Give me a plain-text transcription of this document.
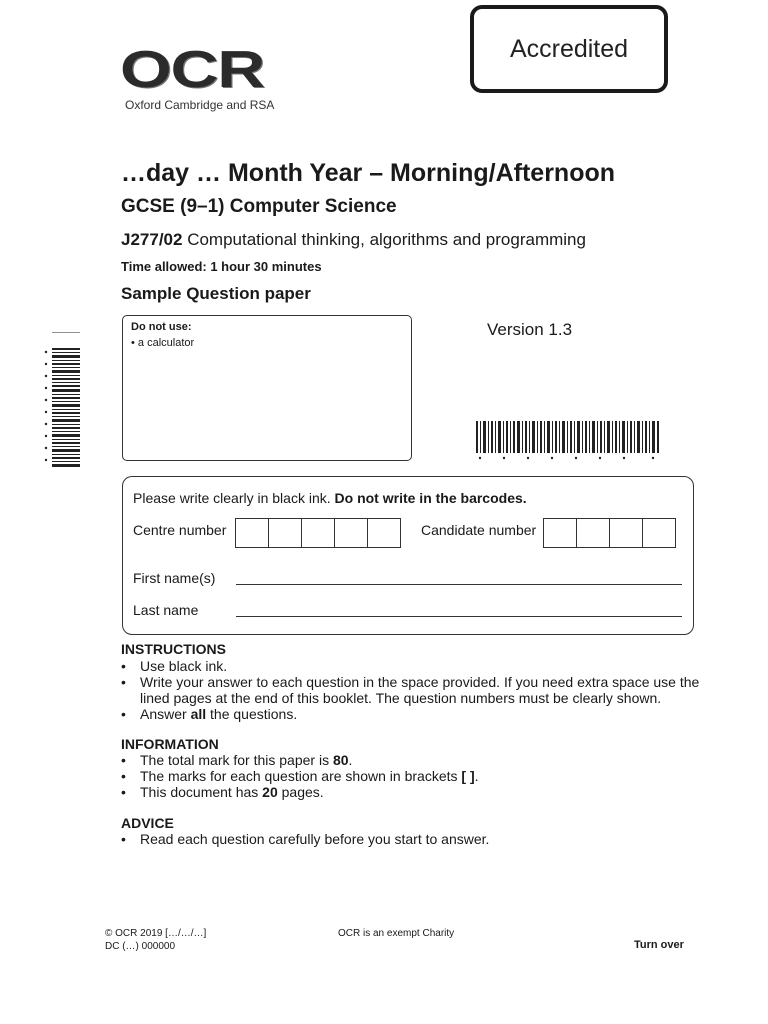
OCR
Oxford Cambridge and RSA
Accredited
…day … Month Year – Morning/Afternoon
GCSE (9–1) Computer Science
J277/02 Computational thinking, algorithms and programming
Time allowed: 1 hour 30 minutes
Sample Question paper
Do not use:
• a calculator
Version 1.3
Please write clearly in black ink. Do not write in the barcodes.
Centre number	Candidate number
First name(s)
Last name
INSTRUCTIONS
• Use black ink.
• Write your answer to each question in the space provided. If you need extra space use the lined pages at the end of this booklet. The question numbers must be clearly shown.
• Answer all the questions.
INFORMATION
• The total mark for this paper is 80.
• The marks for each question are shown in brackets [ ].
• This document has 20 pages.
ADVICE
• Read each question carefully before you start to answer.
© OCR 2019 […/…/…]
DC (…) 000000
OCR is an exempt Charity
Turn over
